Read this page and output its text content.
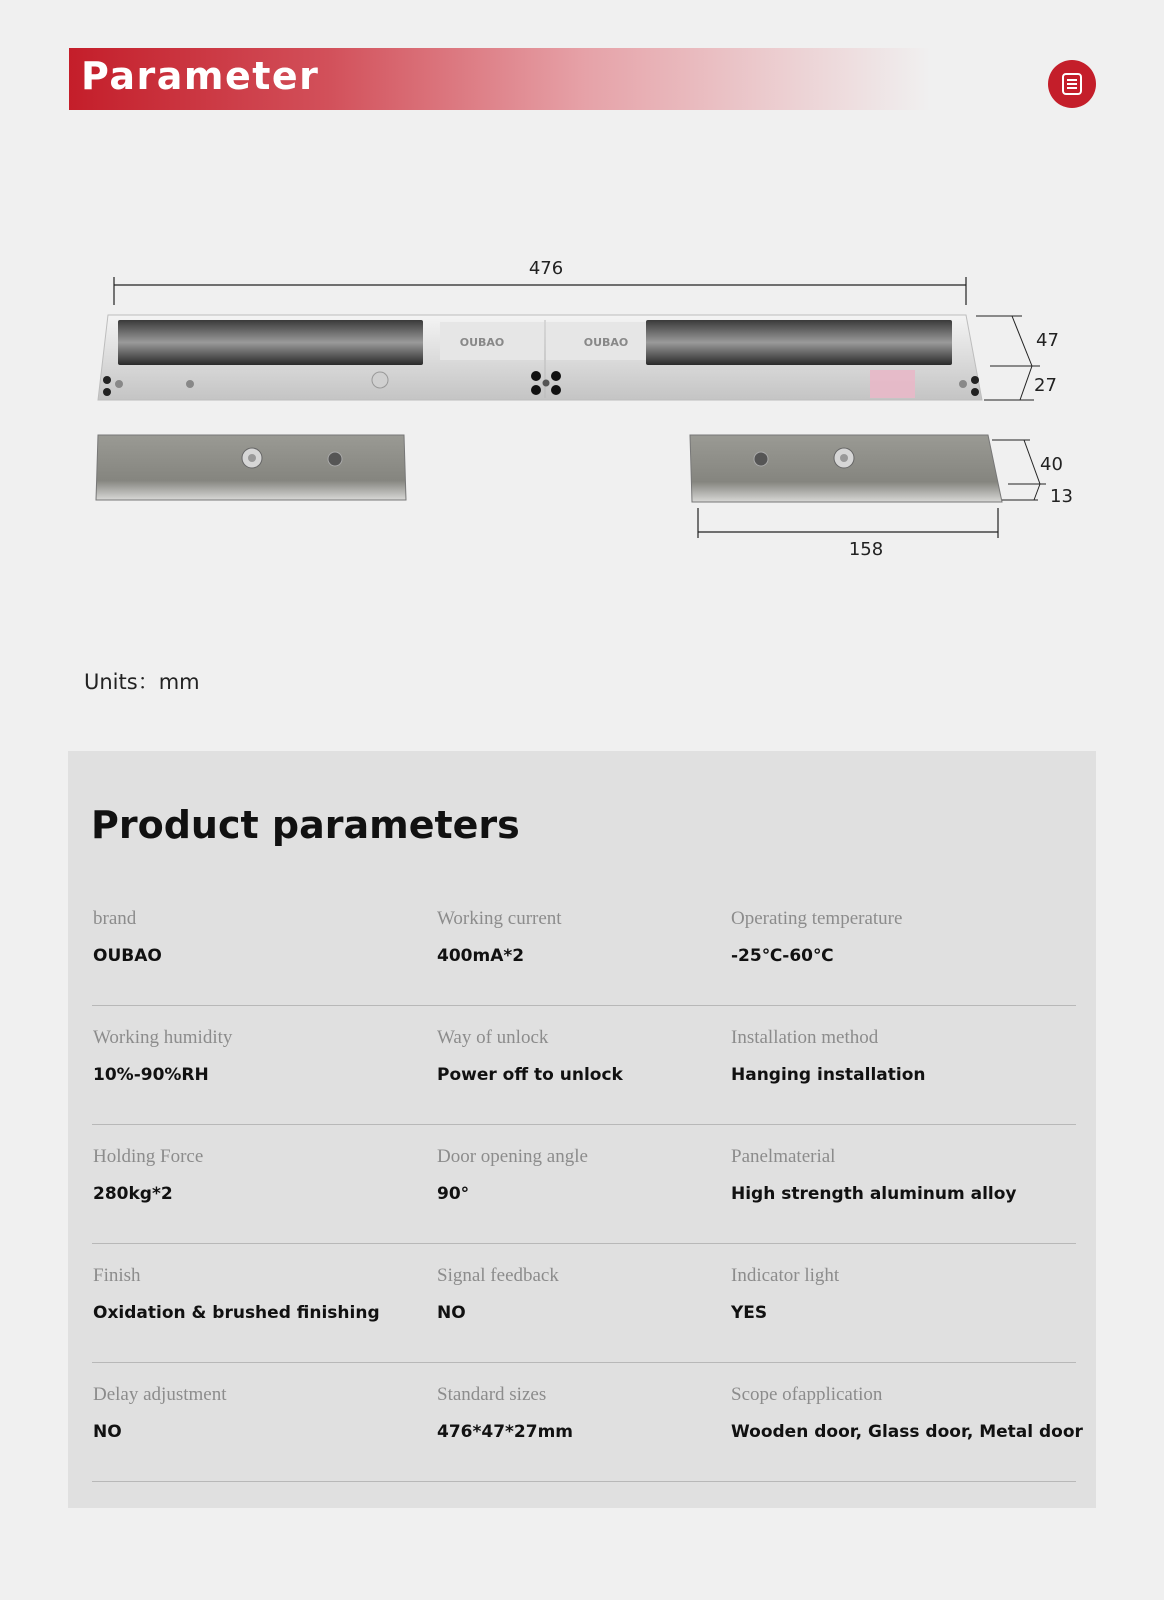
Parameter
476
OUBAO	OUBAO	47
27
40
13
158
Units：mm
Product parameters
brand
OUBAO
Working current
400mA*2
Operating temperature
-25℃-60℃
Working humidity
10%-90%RH
Way of unlock
Power off to unlock
Installation method
Hanging installation
Holding Force
280kg*2
Door opening angle
90°
Panelmaterial
High strength aluminum alloy
Finish
Oxidation & brushed finishing
Signal feedback
NO
Indicator light
YES
Delay adjustment
NO
Standard sizes
476*47*27mm
Scope ofapplication
Wooden door, Glass door, Metal door
